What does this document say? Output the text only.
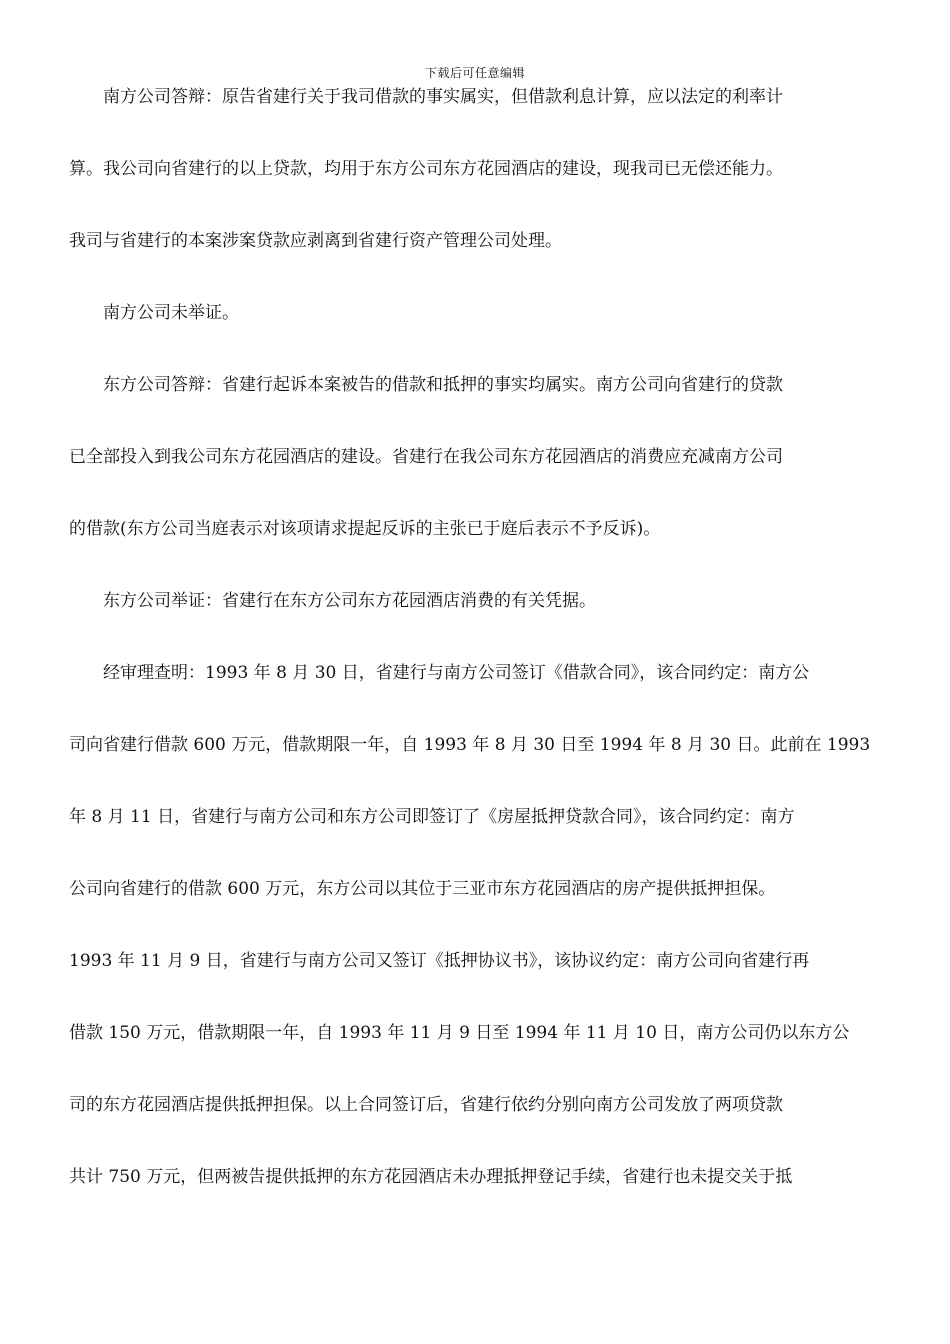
下载后可任意编辑

南方公司答辩：原告省建行关于我司借款的事实属实，但借款利息计算，应以法定的利率计

算。我公司向省建行的以上贷款，均用于东方公司东方花园酒店的建设，现我司已无偿还能力。

我司与省建行的本案涉案贷款应剥离到省建行资产管理公司处理。

南方公司未举证。

东方公司答辩：省建行起诉本案被告的借款和抵押的事实均属实。南方公司向省建行的贷款

已全部投入到我公司东方花园酒店的建设。省建行在我公司东方花园酒店的消费应充减南方公司

的借款(东方公司当庭表示对该项请求提起反诉的主张已于庭后表示不予反诉)。

东方公司举证：省建行在东方公司东方花园酒店消费的有关凭据。

经审理查明：1993 年 8 月 30 日，省建行与南方公司签订《借款合同》，该合同约定：南方公

司向省建行借款 600 万元，借款期限一年，自 1993 年 8 月 30 日至 1994 年 8 月 30 日。此前在 1993

年 8 月 11 日，省建行与南方公司和东方公司即签订了《房屋抵押贷款合同》，该合同约定：南方

公司向省建行的借款 600 万元，东方公司以其位于三亚市东方花园酒店的房产提供抵押担保。

1993 年 11 月 9 日，省建行与南方公司又签订《抵押协议书》，该协议约定：南方公司向省建行再

借款 150 万元，借款期限一年，自 1993 年 11 月 9 日至 1994 年 11 月 10 日，南方公司仍以东方公

司的东方花园酒店提供抵押担保。以上合同签订后，省建行依约分别向南方公司发放了两项贷款

共计 750 万元，但两被告提供抵押的东方花园酒店未办理抵押登记手续，省建行也未提交关于抵
